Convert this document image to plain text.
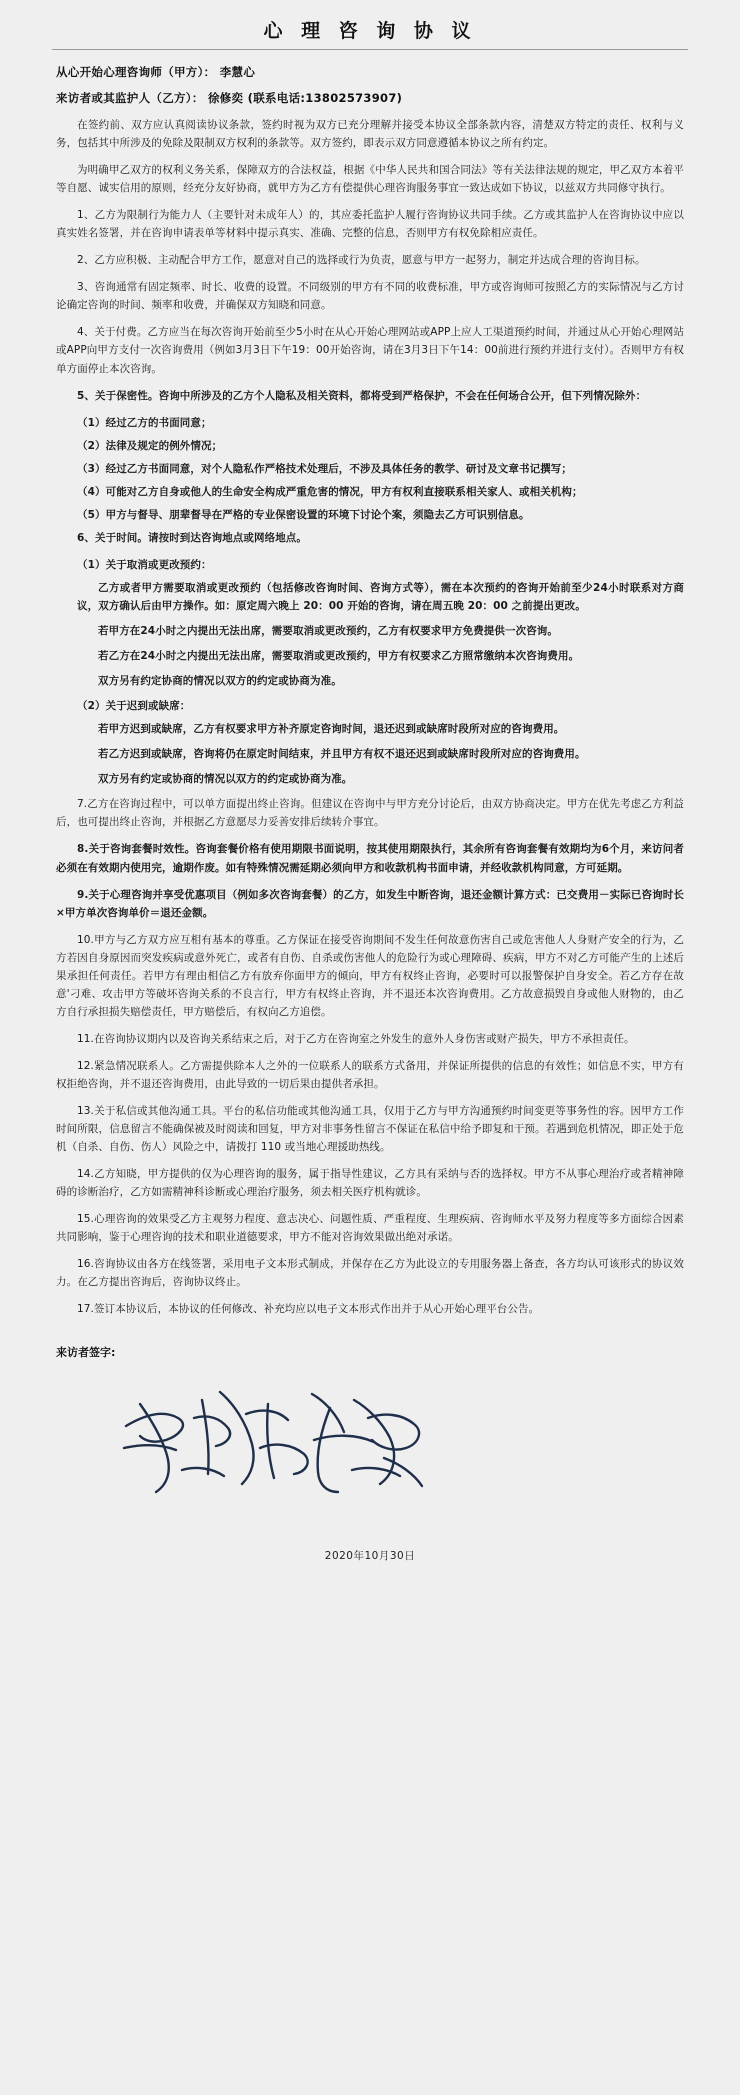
心 理 咨 询 协 议
从心开始心理咨询师（甲方）： 李慧心
来访者或其监护人（乙方）： 徐修奕 (联系电话:13802573907)

在签约前、双方应认真阅读协议条款，签约时视为双方已充分理解并接受本协议全部条款内容，清楚双方特定的责任、权利与义务，包括其中所涉及的免除及限制双方权利的条款等。双方签约，即表示双方同意遵循本协议之所有约定。

为明确甲乙双方的权利义务关系，保障双方的合法权益，根据《中华人民共和国合同法》等有关法律法规的规定，甲乙双方本着平等自愿、诚实信用的原则，经充分友好协商，就甲方为乙方有偿提供心理咨询服务事宜一致达成如下协议，以兹双方共同修守执行。

1、乙方为限制行为能力人（主要针对未成年人）的，其应委托监护人履行咨询协议共同手续。乙方或其监护人在咨询协议中应以真实姓名签署，并在咨询申请表单等材料中提示真实、准确、完整的信息，否则甲方有权免除相应责任。

2、乙方应积极、主动配合甲方工作，愿意对自己的选择或行为负责，愿意与甲方一起努力，制定并达成合理的咨询目标。

3、咨询通常有固定频率、时长、收费的设置。不同级别的甲方有不同的收费标准，甲方或咨询师可按照乙方的实际情况与乙方讨论确定咨询的时间、频率和收费，并确保双方知晓和同意。

4、关于付费。乙方应当在每次咨询开始前至少5小时在从心开始心理网站或APP上应人工渠道预约时间，并通过从心开始心理网站或APP向甲方支付一次咨询费用（例如3月3日下午19：00开始咨询，请在3月3日下午14：00前进行预约并进行支付）。否则甲方有权单方面停止本次咨询。

5、关于保密性。咨询中所涉及的乙方个人隐私及相关资料，都将受到严格保护，不会在任何场合公开，但下列情况除外：

（1）经过乙方的书面同意；

（2）法律及规定的例外情况；

（3）经过乙方书面同意，对个人隐私作严格技术处理后，不涉及具体任务的教学、研讨及文章书记撰写；

（4）可能对乙方自身或他人的生命安全构成严重危害的情况，甲方有权利直接联系相关家人、或相关机构；

（5）甲方与督导、朋辈督导在严格的专业保密设置的环境下讨论个案，须隐去乙方可识别信息。

6、关于时间。请按时到达咨询地点或网络地点。

（1）关于取消或更改预约：

乙方或者甲方需要取消或更改预约（包括修改咨询时间、咨询方式等），需在本次预约的咨询开始前至少24小时联系对方商议，双方确认后由甲方操作。如：原定周六晚上 20：00 开始的咨询，请在周五晚 20：00 之前提出更改。

若甲方在24小时之内提出无法出席，需要取消或更改预约，乙方有权要求甲方免费提供一次咨询。

若乙方在24小时之内提出无法出席，需要取消或更改预约，甲方有权要求乙方照常缴纳本次咨询费用。

双方另有约定协商的情况以双方的约定或协商为准。

（2）关于迟到或缺席：

若甲方迟到或缺席，乙方有权要求甲方补齐原定咨询时间，退还迟到或缺席时段所对应的咨询费用。

若乙方迟到或缺席，咨询将仍在原定时间结束，并且甲方有权不退还迟到或缺席时段所对应的咨询费用。

双方另有约定或协商的情况以双方的约定或协商为准。

7.乙方在咨询过程中，可以单方面提出终止咨询。但建议在咨询中与甲方充分讨论后，由双方协商决定。甲方在优先考虑乙方利益后，也可提出终止咨询，并根据乙方意愿尽力妥善安排后续转介事宜。

8.关于咨询套餐时效性。咨询套餐价格有使用期限书面说明，按其使用期限执行，其余所有咨询套餐有效期均为6个月，来访问者必须在有效期内使用完，逾期作废。如有特殊情况需延期必须向甲方和收款机构书面申请，并经收款机构同意，方可延期。

9.关于心理咨询并享受优惠项目（例如多次咨询套餐）的乙方，如发生中断咨询，退还金额计算方式：已交费用－实际已咨询时长×甲方单次咨询单价＝退还金额。

10.甲方与乙方双方应互相有基本的尊重。乙方保证在接受咨询期间不发生任何故意伤害自己或危害他人人身财产安全的行为，乙方若因自身原因而突发疾病或意外死亡，或者有自伤、自杀或伤害他人的危险行为或心理障碍、疾病，甲方不对乙方可能产生的上述后果承担任何责任。若甲方有理由相信乙方有放弃你面甲方的倾向，甲方有权终止咨询，必要时可以报警保护自身安全。若乙方存在故意'刁难、攻击甲方等破坏咨询关系的不良言行，甲方有权终止咨询，并不退还本次咨询费用。乙方故意损毁自身或他人财物的，由乙方自行承担损失赔偿责任，甲方赔偿后，有权向乙方追偿。

11.在咨询协议期内以及咨询关系结束之后，对于乙方在咨询室之外发生的意外人身伤害或财产损失，甲方不承担责任。

12.紧急情况联系人。乙方需提供除本人之外的一位联系人的联系方式备用，并保证所提供的信息的有效性；如信息不实，甲方有权拒绝咨询，并不退还咨询费用，由此导致的一切后果由提供者承担。

13.关于私信或其他沟通工具。平台的私信功能或其他沟通工具，仅用于乙方与甲方沟通预约时间变更等事务性的容。因甲方工作时间所限，信息留言不能确保被及时阅读和回复，甲方对非事务性留言不保证在私信中给予即复和干预。若遇到危机情况，即正处于危机（自杀、自伤、伤人）风险之中，请拨打 110 或当地心理援助热线。

14.乙方知晓，甲方提供的仅为心理咨询的服务，属于指导性建议，乙方具有采纳与否的选择权。甲方不从事心理治疗或者精神障碍的诊断治疗，乙方如需精神科诊断或心理治疗服务，须去相关医疗机构就诊。

15.心理咨询的效果受乙方主观努力程度、意志决心、问题性质、严重程度、生理疾病、咨询师水平及努力程度等多方面综合因素共同影响，鉴于心理咨询的技术和职业道德要求，甲方不能对咨询效果做出绝对承诺。

16.咨询协议由各方在线签署，采用电子文本形式制成，并保存在乙方为此设立的专用服务器上备查，各方均认可该形式的协议效力。在乙方提出咨询后，咨询协议终止。

17.签订本协议后，本协议的任何修改、补充均应以电子文本形式作出并于从心开始心理平台公告。

来访者签字:
2020年10月30日
